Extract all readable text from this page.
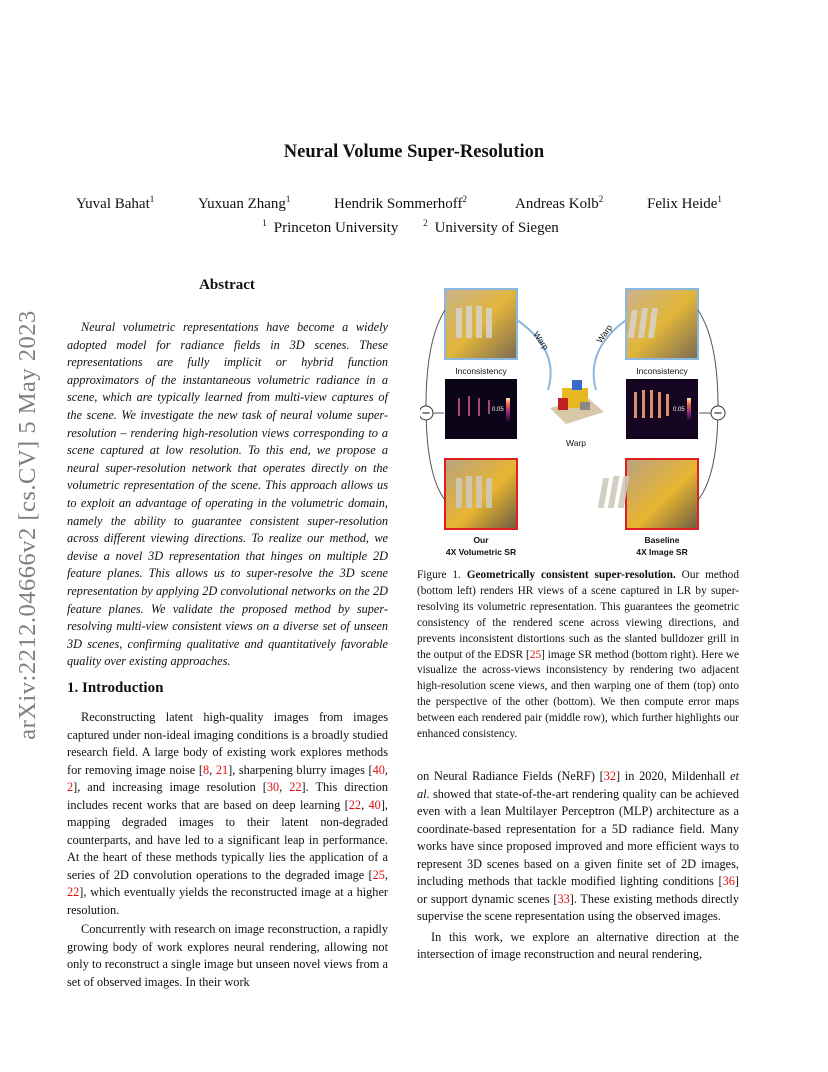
Neural Volume Super-Resolution
Yuval Bahat$^1$	Yuxuan Zhang$^1$	Hendrik Sommerhoff$^2$	Andreas Kolb$^2$	Felix Heide$^1$
$^1$ Princeton University	$^2$ University of Siegen
arXiv:2212.04666v2 [cs.CV] 5 May 2023
Abstract
Neural volumetric representations have become a widely adopted model for radiance fields in 3D scenes. These representations are fully implicit or hybrid function approximators of the instantaneous volumetric radiance in a scene, which are typically learned from multi-view captures of the scene. We investigate the new task of neural volume super-resolution – rendering high-resolution views corresponding to a scene captured at low resolution. To this end, we propose a neural super-resolution network that operates directly on the volumetric representation of the scene. This approach allows us to exploit an advantage of operating in the volumetric domain, namely the ability to guarantee consistent super-resolution across different viewing directions. To realize our method, we devise a novel 3D representation that hinges on multiple 2D feature planes. This allows us to super-resolve the 3D scene representation by applying 2D convolutional networks on the 2D feature planes. We validate the proposed method by super-resolving multi-view consistent views on a diverse set of unseen 3D scenes, confirming qualitative and quantitatively favorable quality over existing approaches.
1. Introduction

Reconstructing latent high-quality images from images captured under non-ideal imaging conditions is a broadly studied research field. A large body of existing work explores methods for removing image noise [8, 21], sharpening blurry images [40, 2], and increasing image resolution [30, 22]. This direction includes recent works that are based on deep learning [22, 40], mapping degraded images to their latent non-degraded counterparts, and have led to a significant leap in performance. At the heart of these methods typically lies the application of a series of 2D convolution operations to the degraded image [25, 22], which eventually yields the reconstructed image at a higher resolution.

Concurrently with research on image reconstruction, a rapidly growing body of work explores neural rendering, allowing not only to reconstruct a single image but unseen novel views from a set of observed images. In their work

0.05	0.05
Inconsistency	Inconsistency
Warp	Warp
Warp
Our
4X Volumetric SR
Baseline
4X Image SR
Figure 1. Geometrically consistent super-resolution. Our method (bottom left) renders HR views of a scene captured in LR by super-resolving its volumetric representation. This guarantees the geometric consistency of the rendered scene across viewing directions, and prevents inconsistent distortions such as the slanted bulldozer grill in the output of the EDSR [25] image SR method (bottom right). Here we visualize the across-views inconsistency by rendering two adjacent high-resolution scene views, and then warping one of them (top) onto the perspective of the other (bottom). We then compute error maps between each rendered pair (middle row), which further highlights our enhanced consistency.

on Neural Radiance Fields (NeRF) [32] in 2020, Mildenhall et al. showed that state-of-the-art rendering quality can be achieved even with a lean Multilayer Perceptron (MLP) architecture as a coordinate-based representation for a 5D radiance field. Many works have since proposed improved and more efficient ways to represent 3D scenes based on a given finite set of 2D images, including methods that tackle modified lighting conditions [36] or support dynamic scenes [33]. These existing methods directly supervise the scene representation using the observed images.

In this work, we explore an alternative direction at the intersection of image reconstruction and neural rendering,
